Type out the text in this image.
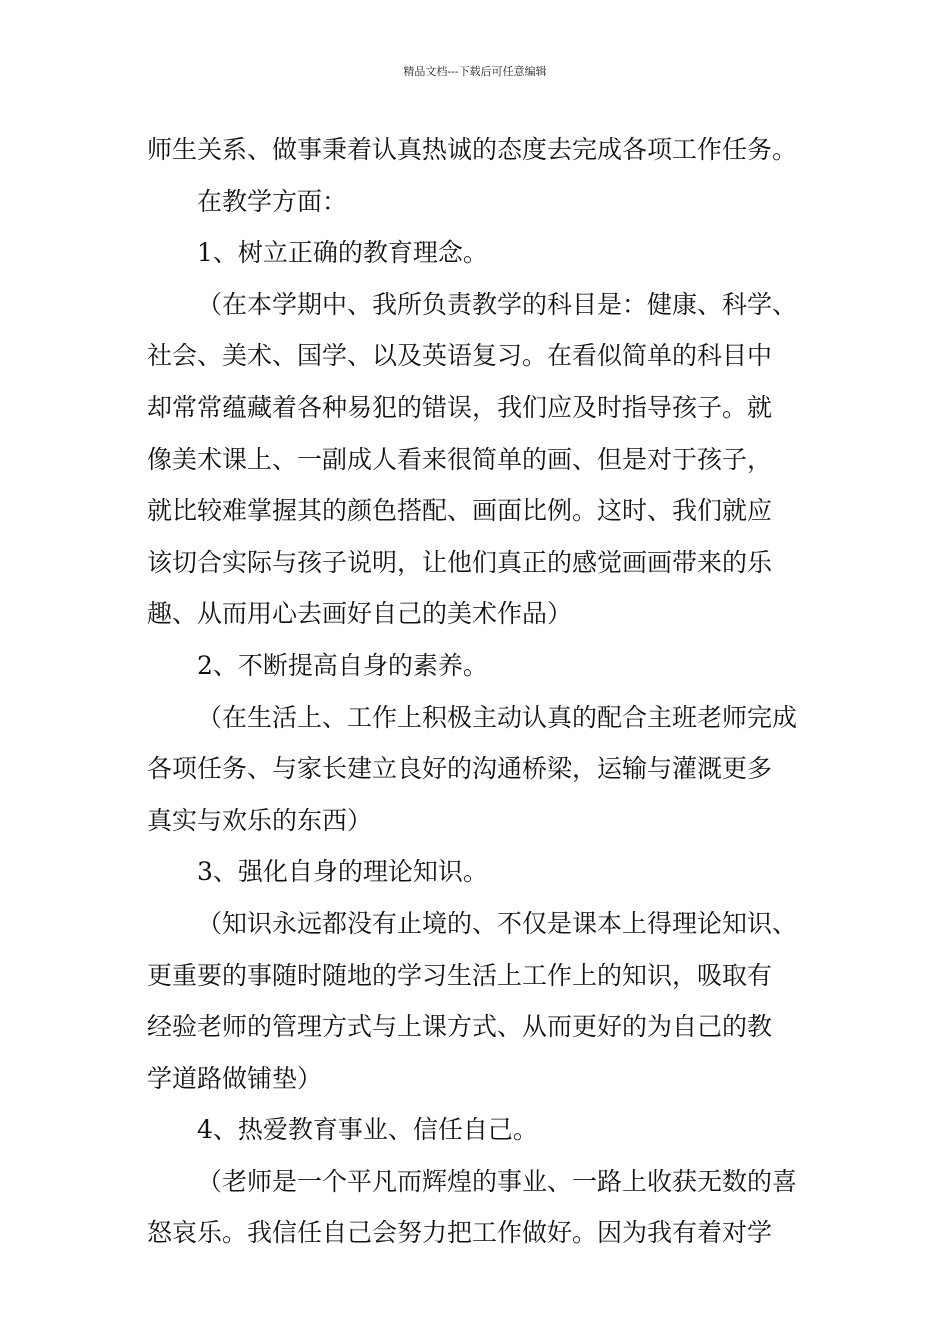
精品文档---下载后可任意编辑
师生关系、做事秉着认真热诚的态度去完成各项工作任务。
在教学方面：
1、树立正确的教育理念。
（在本学期中、我所负责教学的科目是：健康、科学、
社会、美术、国学、以及英语复习。在看似简单的科目中
却常常蕴藏着各种易犯的错误，我们应及时指导孩子。就
像美术课上、一副成人看来很简单的画、但是对于孩子，
就比较难掌握其的颜色搭配、画面比例。这时、我们就应
该切合实际与孩子说明，让他们真正的感觉画画带来的乐
趣、从而用心去画好自己的美术作品）
2、不断提高自身的素养。
（在生活上、工作上积极主动认真的配合主班老师完成
各项任务、与家长建立良好的沟通桥梁，运输与灌溉更多
真实与欢乐的东西）
3、强化自身的理论知识。
（知识永远都没有止境的、不仅是课本上得理论知识、
更重要的事随时随地的学习生活上工作上的知识，吸取有
经验老师的管理方式与上课方式、从而更好的为自己的教
学道路做铺垫）
4、热爱教育事业、信任自己。
（老师是一个平凡而辉煌的事业、一路上收获无数的喜
怒哀乐。我信任自己会努力把工作做好。因为我有着对学
